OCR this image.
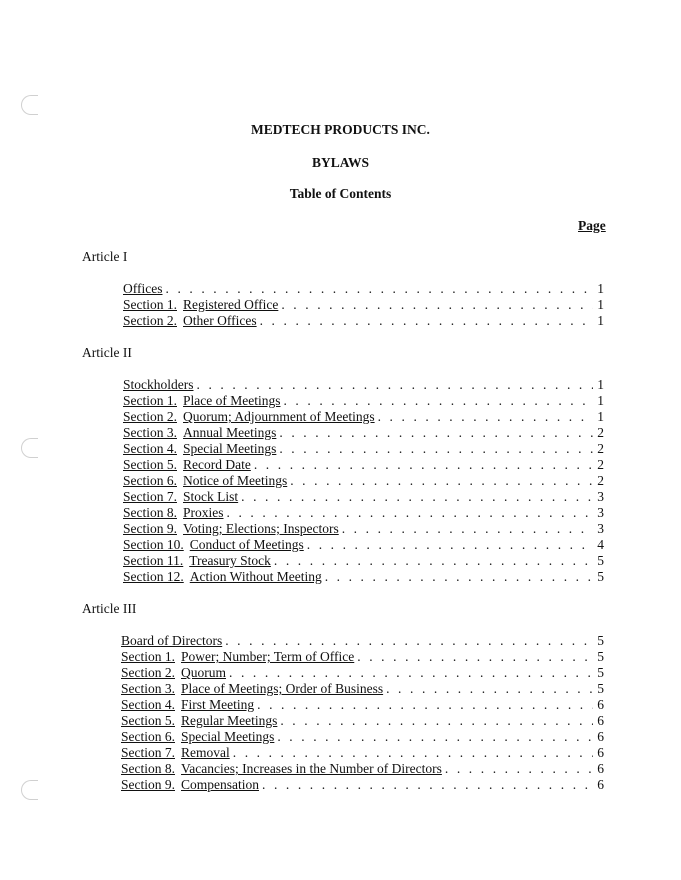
MEDTECH PRODUCTS INC.
BYLAWS
Table of Contents
Page
Article I
Article II
Article III
Offices . . .	1
Section 1. Registered Office . . .	1
Section 2. Other Offices . . .	1
Stockholders . . .	1
Section 1. Place of Meetings . . .	1
Section 2. Quorum; Adjournment of Meetings . . .	1
Section 3. Annual Meetings . . .	2
Section 4. Special Meetings . . .	2
Section 5. Record Date . . .	2
Section 6. Notice of Meetings . . .	2
Section 7. Stock List . . .	3
Section 8. Proxies . . .	3
Section 9. Voting; Elections; Inspectors . . .	3
Section 10. Conduct of Meetings . . .	4
Section 11. Treasury Stock . . .	5
Section 12. Action Without Meeting . . .	5
Board of Directors . . .	5
Section 1. Power; Number; Term of Office . . .	5
Section 2. Quorum . . .	5
Section 3. Place of Meetings; Order of Business . . .	5
Section 4. First Meeting . . .	6
Section 5. Regular Meetings . . .	6
Section 6. Special Meetings . . .	6
Section 7. Removal . . .	6
Section 8. Vacancies; Increases in the Number of Directors . . .	6
Section 9. Compensation . . .	6
